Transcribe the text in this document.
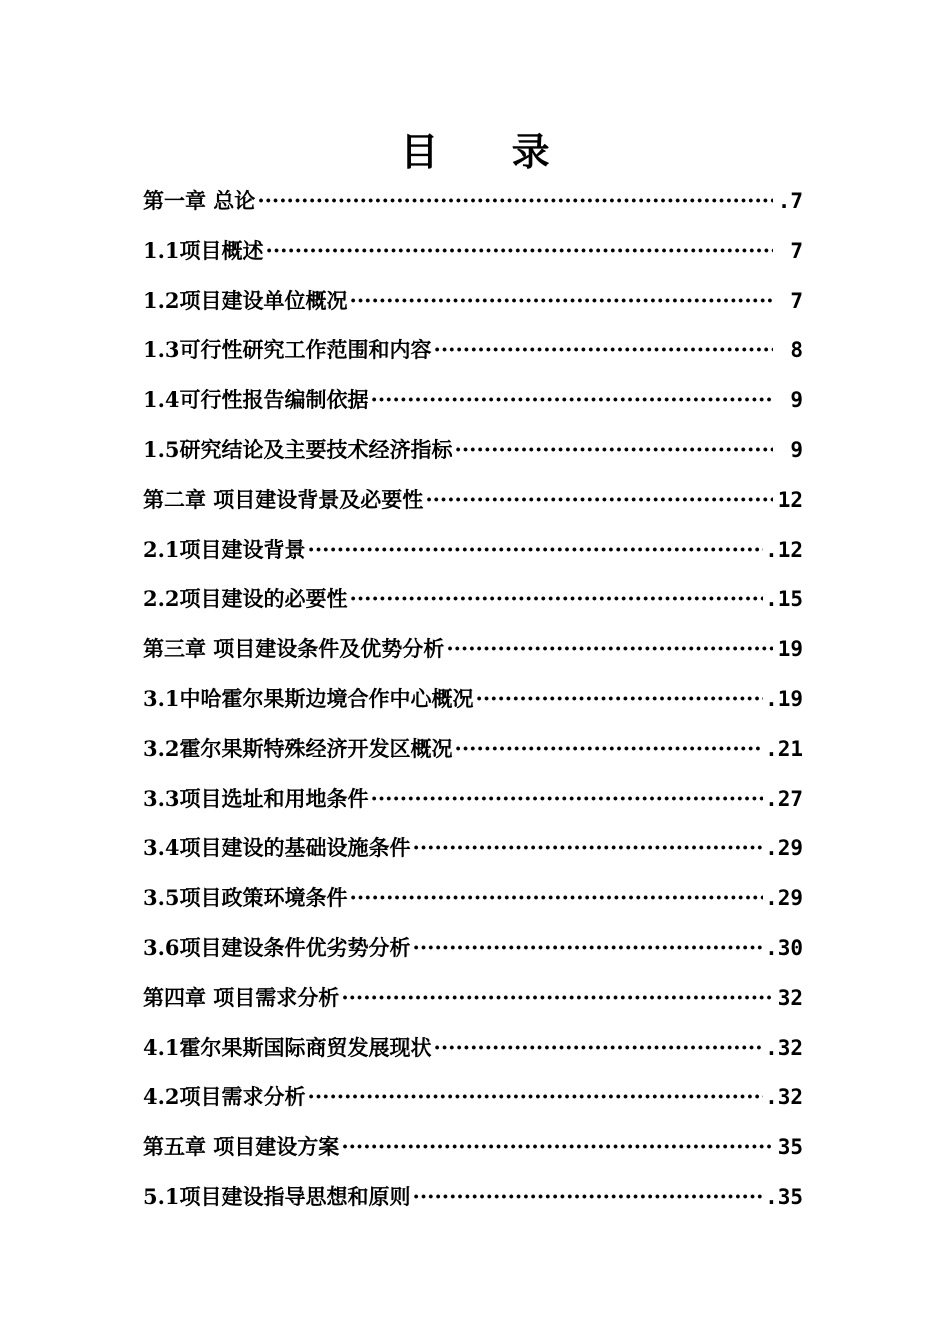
目 录
第一章 总论 ·····	.7
1.1项目概述 ·····	7
1.2项目建设单位概况 ·····	7
1.3可行性研究工作范围和内容 ·····	8
1.4可行性报告编制依据 ·····	9
1.5研究结论及主要技术经济指标 ·····	9
第二章 项目建设背景及必要性 ·····	12
2.1项目建设背景 ·····	.12
2.2项目建设的必要性 ·····	.15
第三章 项目建设条件及优势分析 ·····	19
3.1中哈霍尔果斯边境合作中心概况 ·····	.19
3.2霍尔果斯特殊经济开发区概况 ·····	.21
3.3项目选址和用地条件 ·····	.27
3.4项目建设的基础设施条件 ·····	.29
3.5项目政策环境条件 ·····	.29
3.6项目建设条件优劣势分析 ·····	.30
第四章 项目需求分析 ·····	32
4.1霍尔果斯国际商贸发展现状 ·····	.32
4.2项目需求分析 ·····	.32
第五章 项目建设方案 ·····	35
5.1项目建设指导思想和原则 ·····	.35
